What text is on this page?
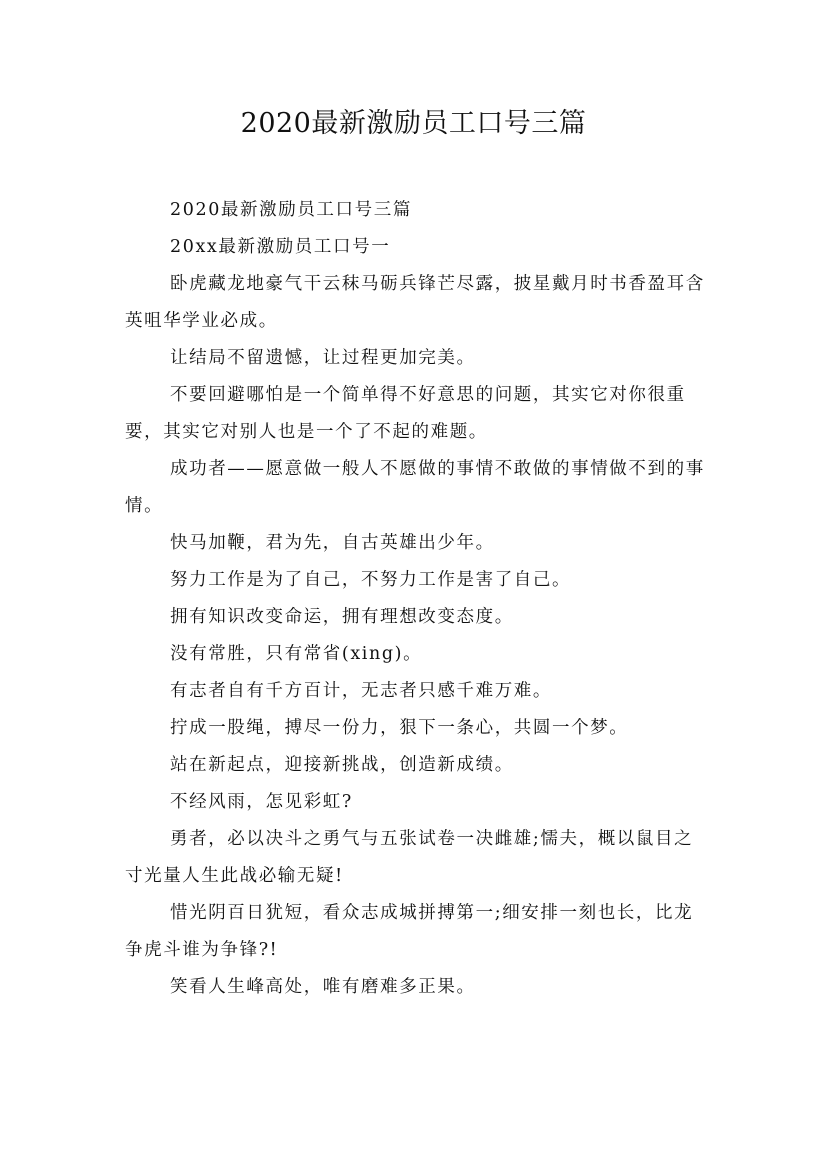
2020最新激励员工口号三篇

2020最新激励员工口号三篇

20xx最新激励员工口号一

卧虎藏龙地豪气干云秣马砺兵锋芒尽露，披星戴月时书香盈耳含英咀华学业必成。

让结局不留遗憾，让过程更加完美。

不要回避哪怕是一个简单得不好意思的问题，其实它对你很重要，其实它对别人也是一个了不起的难题。

成功者——愿意做一般人不愿做的事情不敢做的事情做不到的事情。

快马加鞭，君为先，自古英雄出少年。

努力工作是为了自己，不努力工作是害了自己。

拥有知识改变命运，拥有理想改变态度。

没有常胜，只有常省(xing)。

有志者自有千方百计，无志者只感千难万难。

拧成一股绳，搏尽一份力，狠下一条心，共圆一个梦。

站在新起点，迎接新挑战，创造新成绩。

不经风雨，怎见彩虹?

勇者，必以决斗之勇气与五张试卷一决雌雄;懦夫，概以鼠目之寸光量人生此战必输无疑!

惜光阴百日犹短，看众志成城拼搏第一;细安排一刻也长，比龙争虎斗谁为争锋?!

笑看人生峰高处，唯有磨难多正果。
